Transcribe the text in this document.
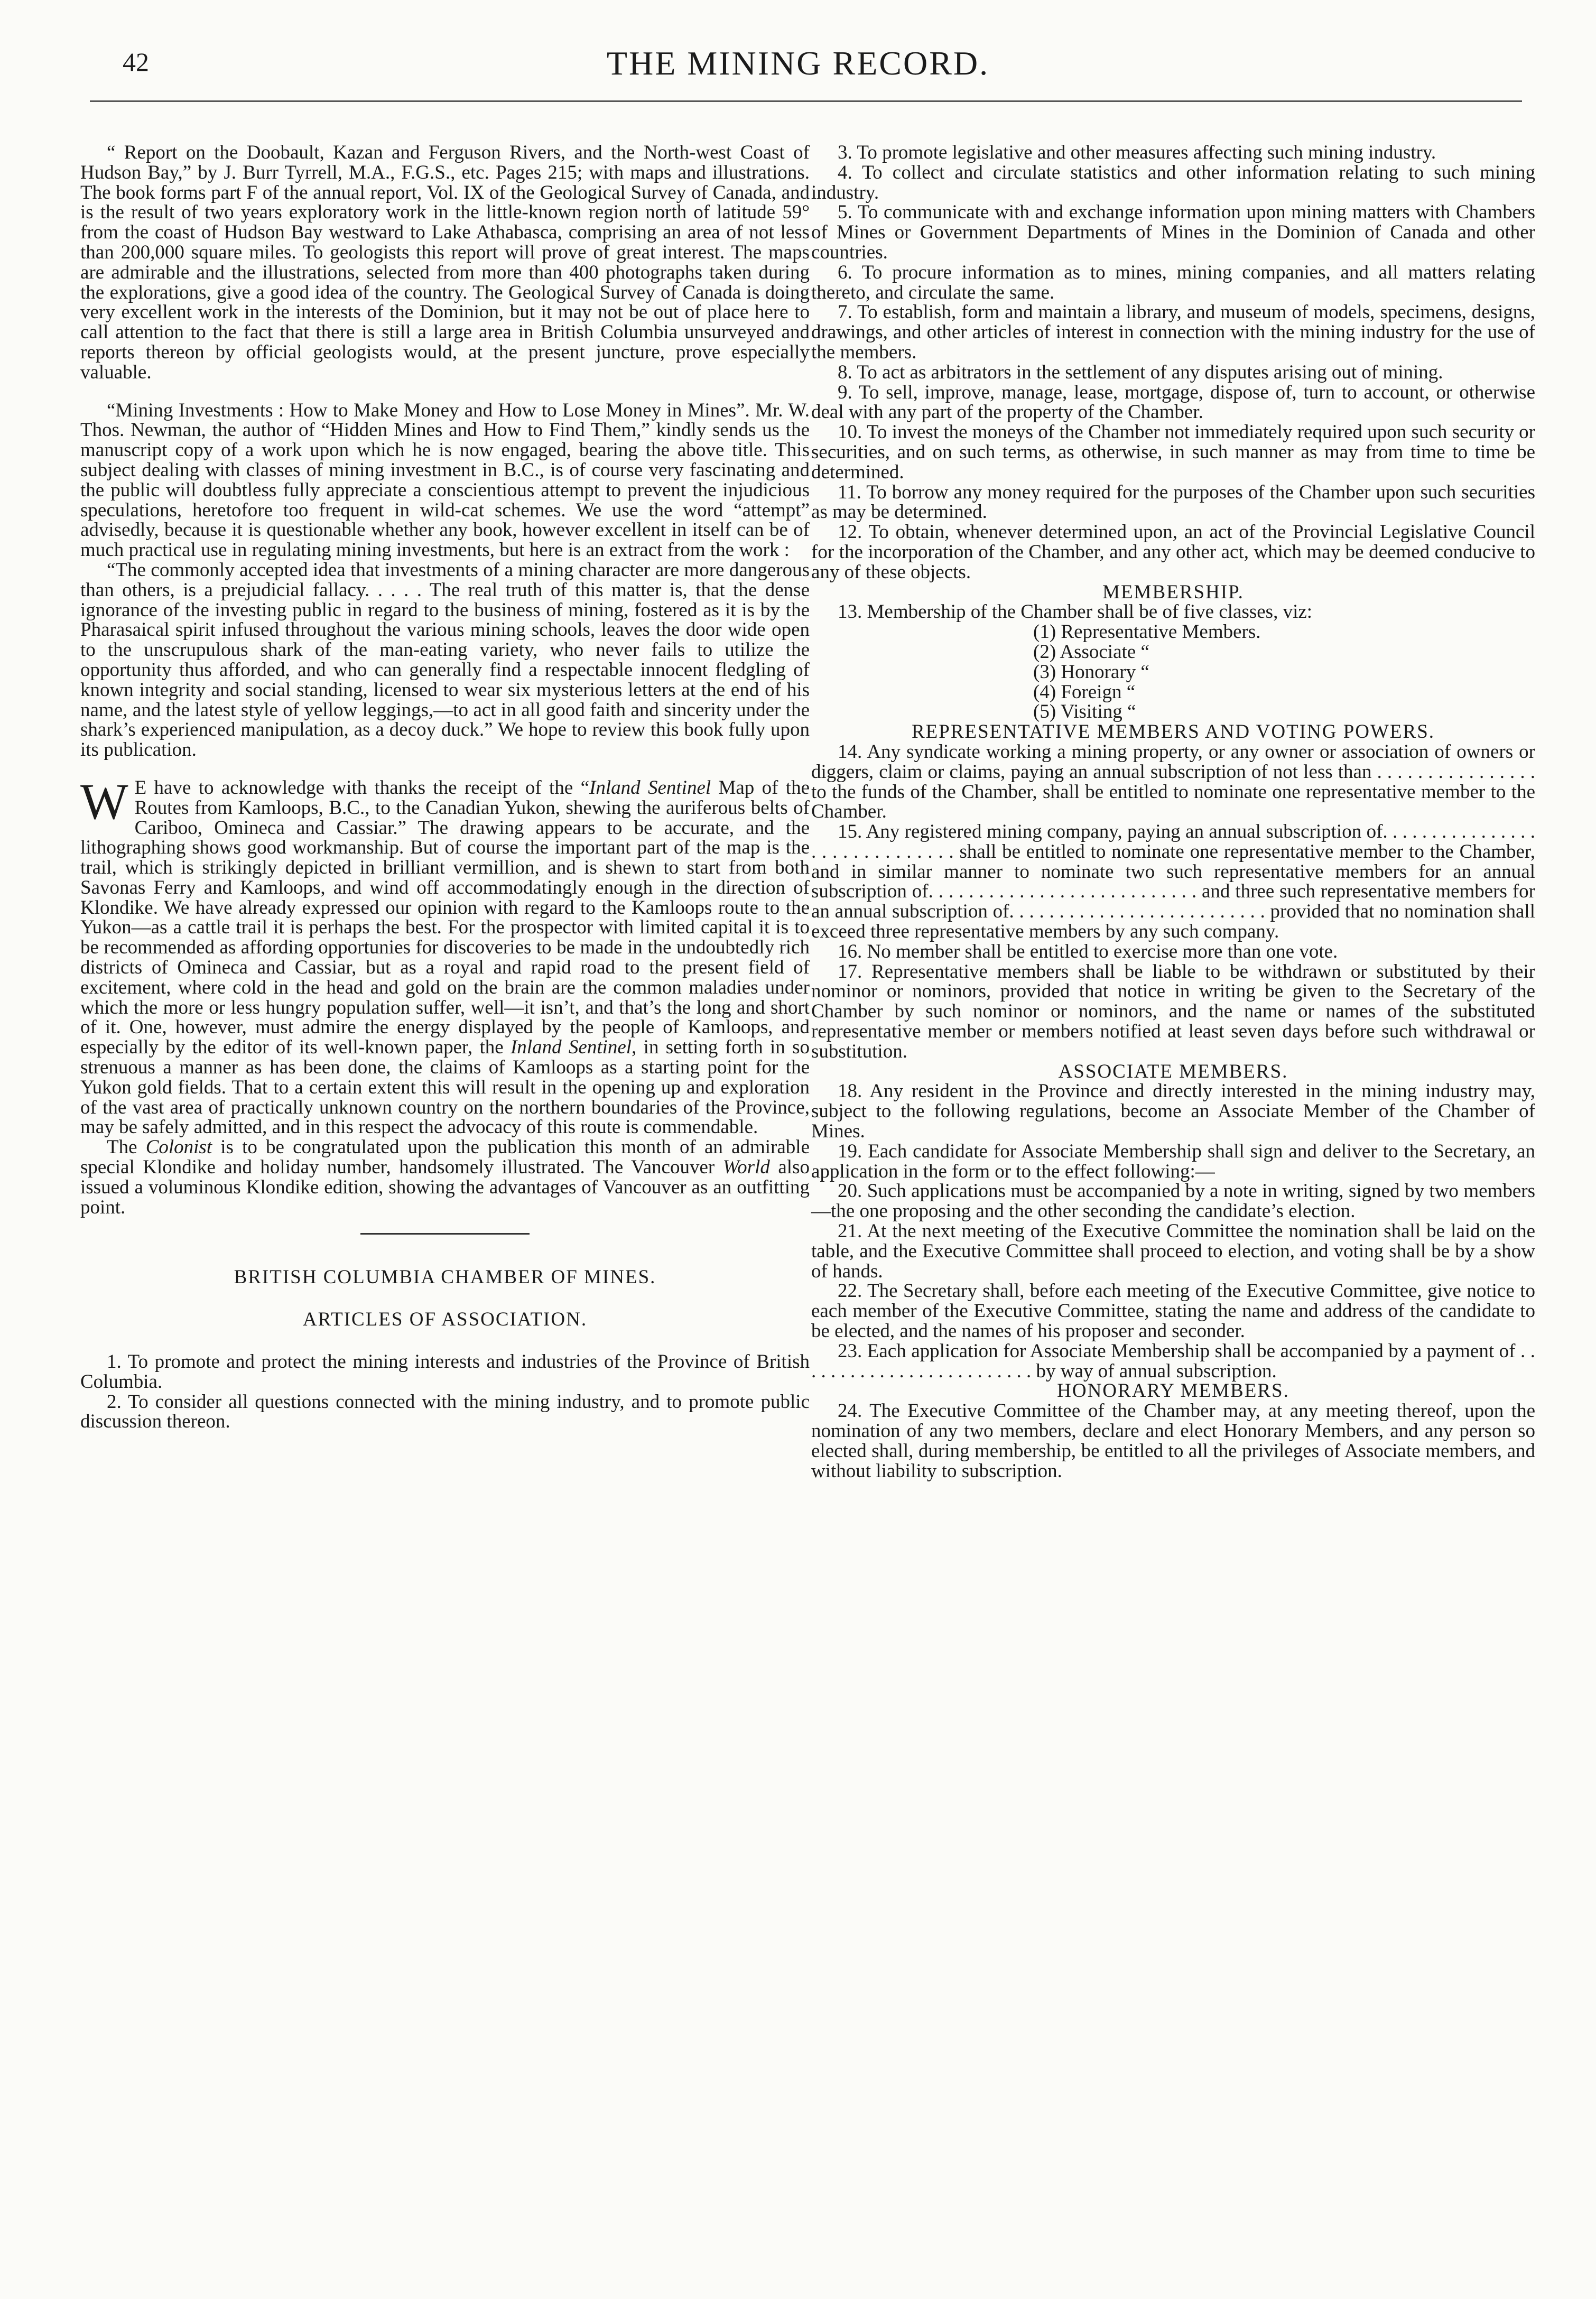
42	THE MINING RECORD.

“ Report on the Doobault, Kazan and Ferguson Rivers, and the North-west Coast of Hudson Bay,” by J. Burr Tyrrell, M.A., F.G.S., etc. Pages 215; with maps and illustrations. The book forms part F of the annual report, Vol. IX of the Geological Survey of Canada, and is the result of two years exploratory work in the little-known region north of latitude 59° from the coast of Hudson Bay westward to Lake Athabasca, comprising an area of not less than 200,000 square miles. To geologists this report will prove of great interest. The maps are admirable and the illustrations, selected from more than 400 photographs taken during the explorations, give a good idea of the country. The Geological Survey of Canada is doing very excellent work in the interests of the Dominion, but it may not be out of place here to call attention to the fact that there is still a large area in British Columbia unsurveyed and reports thereon by official geologists would, at the present juncture, prove especially valuable.

“Mining Investments : How to Make Money and How to Lose Money in Mines”. Mr. W. Thos. Newman, the author of “Hidden Mines and How to Find Them,” kindly sends us the manuscript copy of a work upon which he is now engaged, bearing the above title. This subject dealing with classes of mining investment in B.C., is of course very fascinating and the public will doubtless fully appreciate a conscientious attempt to prevent the injudicious speculations, heretofore too frequent in wild-cat schemes. We use the word “attempt” advisedly, because it is questionable whether any book, however excellent in itself can be of much practical use in regulating mining investments, but here is an extract from the work :

“The commonly accepted idea that investments of a mining character are more dangerous than others, is a prejudicial fallacy. . . . . The real truth of this matter is, that the dense ignorance of the investing public in regard to the business of mining, fostered as it is by the Pharasaical spirit infused throughout the various mining schools, leaves the door wide open to the unscrupulous shark of the man-eating variety, who never fails to utilize the opportunity thus afforded, and who can generally find a respectable innocent fledgling of known integrity and social standing, licensed to wear six mysterious letters at the end of his name, and the latest style of yellow leggings,—to act in all good faith and sincerity under the shark’s experienced manipulation, as a decoy duck.” We hope to review this book fully upon its publication.

W E have to acknowledge with thanks the receipt of the “Inland Sentinel Map of the Routes from Kamloops, B.C., to the Canadian Yukon, shewing the auriferous belts of Cariboo, Omineca and Cassiar.” The drawing appears to be accurate, and the lithographing shows good workmanship. But of course the important part of the map is the trail, which is strikingly depicted in brilliant vermillion, and is shewn to start from both Savonas Ferry and Kamloops, and wind off accommodatingly enough in the direction of Klondike. We have already expressed our opinion with regard to the Kamloops route to the Yukon—as a cattle trail it is perhaps the best. For the prospector with limited capital it is to be recommended as affording opportunies for discoveries to be made in the undoubtedly rich districts of Omineca and Cassiar, but as a royal and rapid road to the present field of excitement, where cold in the head and gold on the brain are the common maladies under which the more or less hungry population suffer, well—it isn’t, and that’s the long and short of it. One, however, must admire the energy displayed by the people of Kamloops, and especially by the editor of its well-known paper, the Inland Sentinel, in setting forth in so strenuous a manner as has been done, the claims of Kamloops as a starting point for the Yukon gold fields. That to a certain extent this will result in the opening up and exploration of the vast area of practically unknown country on the northern boundaries of the Province, may be safely admitted, and in this respect the advocacy of this route is commendable.

The Colonist is to be congratulated upon the publication this month of an admirable special Klondike and holiday number, handsomely illustrated. The Vancouver World also issued a voluminous Klondike edition, showing the advantages of Vancouver as an outfitting point.

BRITISH COLUMBIA CHAMBER OF MINES.

ARTICLES OF ASSOCIATION.

1. To promote and protect the mining interests and industries of the Province of British Columbia.

2. To consider all questions connected with the mining industry, and to promote public discussion thereon.

3. To promote legislative and other measures affecting such mining industry.

4. To collect and circulate statistics and other information relating to such mining industry.

5. To communicate with and exchange information upon mining matters with Chambers of Mines or Government Departments of Mines in the Dominion of Canada and other countries.

6. To procure information as to mines, mining companies, and all matters relating thereto, and circulate the same.

7. To establish, form and maintain a library, and museum of models, specimens, designs, drawings, and other articles of interest in connection with the mining industry for the use of the members.

8. To act as arbitrators in the settlement of any disputes arising out of mining.

9. To sell, improve, manage, lease, mortgage, dispose of, turn to account, or otherwise deal with any part of the property of the Chamber.

10. To invest the moneys of the Chamber not immediately required upon such security or securities, and on such terms, as otherwise, in such manner as may from time to time be determined.

11. To borrow any money required for the purposes of the Chamber upon such securities as may be determined.

12. To obtain, whenever determined upon, an act of the Provincial Legislative Council for the incorporation of the Chamber, and any other act, which may be deemed conducive to any of these objects.

MEMBERSHIP.

13. Membership of the Chamber shall be of five classes, viz:

(1) Representative Members.
(2) Associate “
(3) Honorary “
(4) Foreign “
(5) Visiting “

REPRESENTATIVE MEMBERS AND VOTING POWERS.

14. Any syndicate working a mining property, or any owner or association of owners or diggers, claim or claims, paying an annual subscription of not less than . . . . . . . . . . . . . . . . to the funds of the Chamber, shall be entitled to nominate one representative member to the Chamber.

15. Any registered mining company, paying an annual subscription of. . . . . . . . . . . . . . . . . . . . . . . . . . . . . . shall be entitled to nominate one representative member to the Chamber, and in similar manner to nominate two such representative members for an annual subscription of. . . . . . . . . . . . . . . . . . . . . . . . . . . and three such representative members for an annual subscription of. . . . . . . . . . . . . . . . . . . . . . . . . . provided that no nomination shall exceed three representative members by any such company.

16. No member shall be entitled to exercise more than one vote.

17. Representative members shall be liable to be withdrawn or substituted by their nominor or nominors, provided that notice in writing be given to the Secretary of the Chamber by such nominor or nominors, and the name or names of the substituted representative member or members notified at least seven days before such withdrawal or substitution.

ASSOCIATE MEMBERS.

18. Any resident in the Province and directly interested in the mining industry may, subject to the following regulations, become an Associate Member of the Chamber of Mines.

19. Each candidate for Associate Membership shall sign and deliver to the Secretary, an application in the form or to the effect following:—

20. Such applications must be accompanied by a note in writing, signed by two members—the one proposing and the other seconding the candidate’s election.

21. At the next meeting of the Executive Committee the nomination shall be laid on the table, and the Executive Committee shall proceed to election, and voting shall be by a show of hands.

22. The Secretary shall, before each meeting of the Executive Committee, give notice to each member of the Executive Committee, stating the name and address of the candidate to be elected, and the names of his proposer and seconder.

23. Each application for Associate Membership shall be accompanied by a payment of . . . . . . . . . . . . . . . . . . . . . . . . . by way of annual subscription.

HONORARY MEMBERS.

24. The Executive Committee of the Chamber may, at any meeting thereof, upon the nomination of any two members, declare and elect Honorary Members, and any person so elected shall, during membership, be entitled to all the privileges of Associate members, and without liability to subscription.
